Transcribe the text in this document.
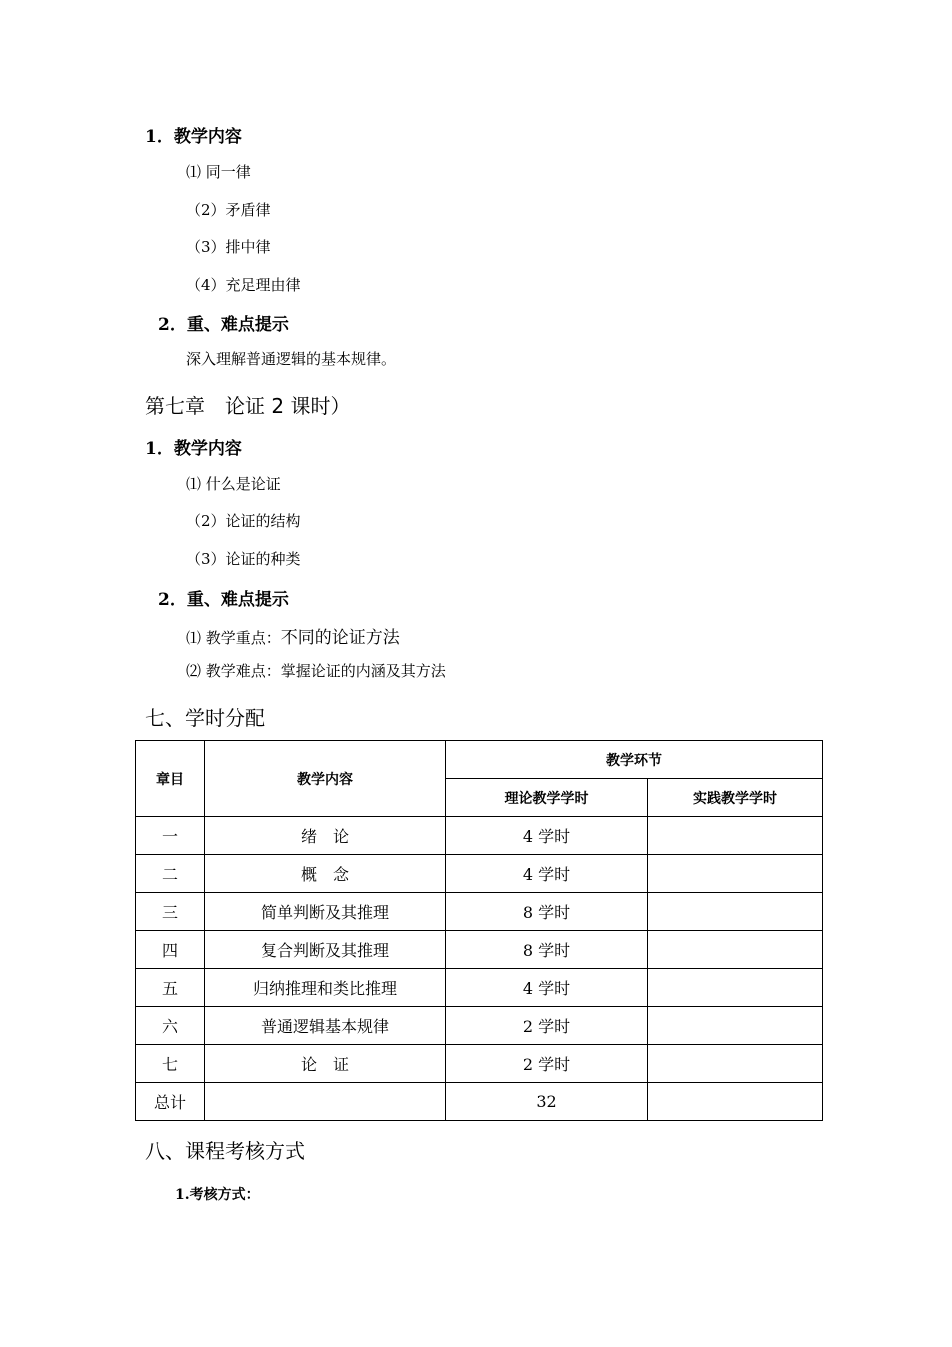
1．教学内容
⑴ 同一律
（2）矛盾律
（3）排中律
（4）充足理由律
2．重、难点提示
深入理解普通逻辑的基本规律。
第七章　论证 2 课时）
1．教学内容
⑴ 什么是论证
（2）论证的结构
（3）论证的种类
2．重、难点提示
⑴ 教学重点：不同的论证方法
⑵ 教学难点：掌握论证的内涵及其方法
七、学时分配
章目	教学内容	教学环节	
		理论教学学时	实践教学学时
一	绪　论	4 学时	
二	概　念	4 学时	
三	简单判断及其推理	8 学时	
四	复合判断及其推理	8 学时	
五	归纳推理和类比推理	4 学时	
六	普通逻辑基本规律	2 学时	
七	论　证	2 学时	
总计		32	
八、课程考核方式
1.考核方式：
